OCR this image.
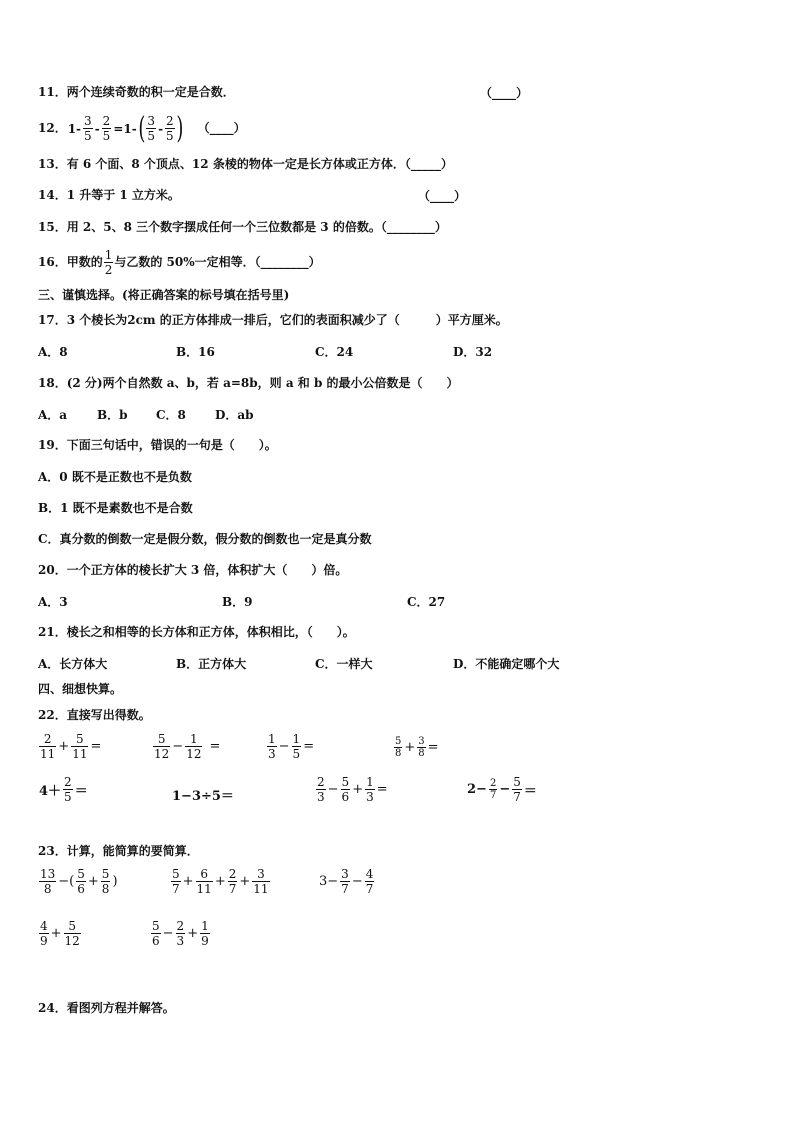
11．两个连续奇数的积一定是合数．	（____）
12．$1- \frac{3}{5} - \frac{2}{5} =1-( \frac{3}{5} - \frac{2}{5}$ ) （____）
13．有 6 个面、8 个顶点、12 条棱的物体一定是长方体或正方体．（_____）
14．1 升等于 1 立方米。	（____）
15．用 2、5、8 三个数字摆成任何一个三位数都是 3 的倍数。（________）
16．甲数的 $\frac{1}{2}$ 与乙数的 50%一定相等．（________）
三、谨慎选择。(将正确答案的标号填在括号里)
17．3 个棱长为2cm 的正方体排成一排后，它们的表面积减少了（　　　）平方厘米。
A．8	B．16	C．24	D．32
18．(2 分)两个自然数 a、b，若 a=8b，则 a 和 b 的最小公倍数是（　　）
A．a B．b C．8 D．ab
19．下面三句话中，错误的一句是（　　）。
A．0 既不是正数也不是负数
B．1 既不是素数也不是合数
C．真分数的倒数一定是假分数，假分数的倒数也一定是真分数
20．一个正方体的棱长扩大 3 倍，体积扩大（　　）倍。
A．3	B．9	C．27
21．棱长之和相等的长方体和正方体，体积相比，（　　）。
A．长方体大	B．正方体大	C．一样大	D．不能确定哪个大
四、细想快算。
22．直接写出得数。
$\frac{2}{11} + \frac{5}{11}$ =	$\frac{5}{12} - \frac{1}{12}$ =	$\frac{1}{3} - \frac{1}{5}$ =	$\frac{5}{8} + \frac{3}{8}$ =
$4+ \frac{2}{5}$ ＝	1−3÷5＝	$\frac{2}{3} - \frac{5}{6} + \frac{1}{3}$ =	$2- \frac{2}{7} - \frac{5}{7}$ ＝
23．计算，能简算的要简算．
$\frac{13}{8}$ −( $\frac{5}{6} + \frac{5}{8}$ )	$\frac{5}{7} + \frac{6}{11} + \frac{2}{7} + \frac{3}{11}$	$3- \frac{3}{7} - \frac{4}{7}$
$\frac{4}{9} + \frac{5}{12}$	$\frac{5}{6} - \frac{2}{3} + \frac{1}{9}$
24．看图列方程并解答。
